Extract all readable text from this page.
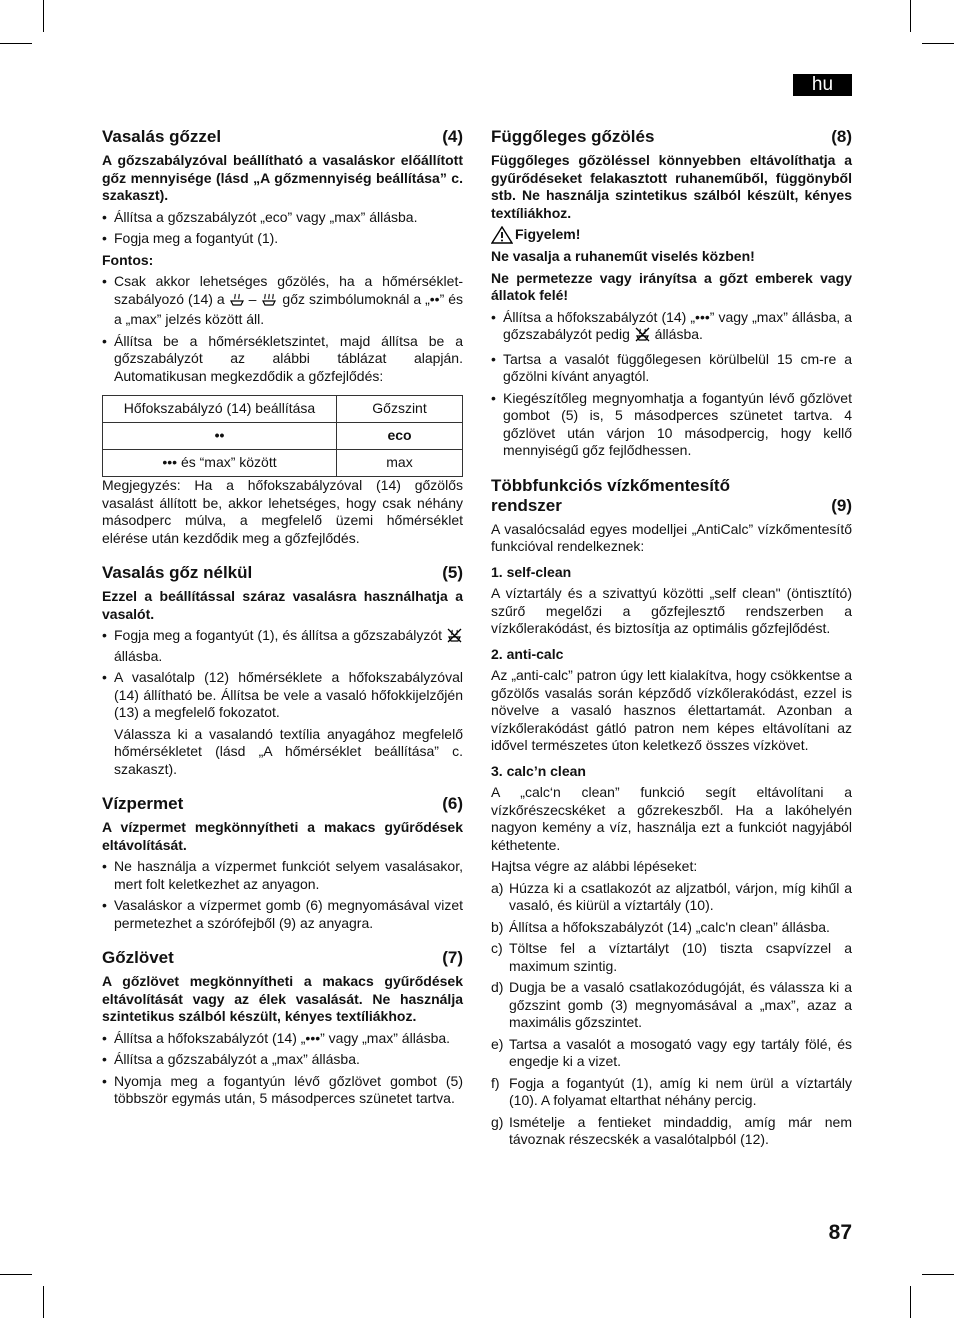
hu
Vasalás gőzzel	(4)

A gőzszabályzóval beállítható a vasaláskor előállított gőz mennyisége (lásd „A gőzmennyiség beállítása” c. szakaszt).

• Állítsa a gőzszabályzót „eco” vagy „max” állásba.
• Fogja meg a fogantyút (1).

Fontos:

• Csak akkor lehetséges gőzölés, ha a hőmérséklet-szabályozó (14) a – gőz szimbólumoknál a „••” és a „max” jelzés között áll.
• Állítsa be a hőmérsékletszintet, majd állítsa be a gőzszabályzót az alábbi táblázat alapján. Automatikusan megkezdődik a gőzfejlődés:
Hőfokszabályzó (14) beállítása	Gőzszint
••	eco
••• és “max” között	max

Megjegyzés: Ha a hőfokszabályzóval (14) gőzölős vasalást állított be, akkor lehetséges, hogy csak néhány másodperc múlva, a megfelelő üzemi hőmérséklet elérése után kezdődik meg a gőzfejlődés.

Vasalás gőz nélkül	(5)

Ezzel a beállítással száraz vasalásra használhatja a vasalót.

• Fogja meg a fogantyút (1), és állítsa a gőzszabályzót  állásba.
• A vasalótalp (12) hőmérséklete a hőfokszabályzóval (14) állítható be. Állítsa be vele a vasaló hőfokkijelzőjén (13) a megfelelő fokozatot.

Válassza ki a vasalandó textília anyagához megfelelő hőmérsékletet (lásd „A hőmérséklet beállítása” c. szakaszt).

Vízpermet	(6)

A vízpermet megkönnyítheti a makacs gyűrődések eltávolítását.

• Ne használja a vízpermet funkciót selyem vasalásakor, mert folt keletkezhet az anyagon.
• Vasaláskor a vízpermet gomb (6) megnyomásával vizet permetezhet a szórófejből (9) az anyagra.
Gőzlövet	(7)

A gőzlövet megkönnyítheti a makacs gyűrődések eltávolítását vagy az élek vasalását. Ne használja szintetikus szálból készült, kényes textíliákhoz.

• Állítsa a hőfokszabályzót (14) „•••” vagy „max” állásba.
• Állítsa a gőzszabályzót a „max” állásba.
• Nyomja meg a fogantyún lévő gőzlövet gombot (5) többször egymás után, 5 másodperces szünetet tartva.
Függőleges gőzölés	(8)

Függőleges gőzöléssel könnyebben eltávolíthatja a gyűrődéseket felakasztott ruhaneműből, függönyből stb. Ne használja szintetikus szálból készült, kényes textíliákhoz.

Figyelem!

Ne vasalja a ruhaneműt viselés közben!

Ne permetezze vagy irányítsa a gőzt emberek vagy állatok felé!

• Állítsa a hőfokszabályzót (14) „•••” vagy „max” állásba, a gőzszabályzót pedig állásba.
• Tartsa a vasalót függőlegesen körülbelül 15 cm-re a gőzölni kívánt anyagtól.
• Kiegészítőleg megnyomhatja a fogantyún lévő gőzlövet gombot (5) is, 5 másodperces szünetet tartva. 4 gőzlövet után várjon 10 másodpercig, hogy kellő mennyiségű gőz fejlődhessen.
Többfunkciós vízkőmentesítő
rendszer	(9)

A vasalócsalád egyes modelljei „AntiCalc” vízkőmentesítő funkcióval rendelkeznek:

1. self-clean

A víztartály és a szivattyú közötti „self clean" (öntisztító) szűrő megelőzi a gőzfejlesztő rendszerben a vízkőlerakódást, és biztosítja az optimális gőzfejlődést.

2. anti-calc

Az „anti-calc” patron úgy lett kialakítva, hogy csökkentse a gőzölős vasalás során képződő vízkőlerakódást, ezzel is növelve a vasaló hasznos élettartamát. Azonban a vízkőlerakódást gátló patron nem képes eltávolítani az idővel természetes úton keletkező összes vízkövet.

3. calc’n clean

A „calc‘n clean” funkció segít eltávolítani a vízkőrészecskéket a gőzrekeszből. Ha a lakóhelyén nagyon kemény a víz, használja ezt a funkciót nagyjából kéthetente.

Hajtsa végre az alábbi lépéseket:

a) Húzza ki a csatlakozót az aljzatból, várjon, míg kihűl a vasaló, és kiürül a víztartály (10).
b) Állítsa a hőfokszabályzót (14) „calc'n clean” állásba.
c) Töltse fel a víztartályt (10) tiszta csapvízzel a maximum szintig.
d) Dugja be a vasaló csatlakozódugóját, és válassza ki a gőzszint gomb (3) megnyomásával a „max”, azaz a maximális gőzszintet.
e) Tartsa a vasalót a mosogató vagy egy tartály fölé, és engedje ki a vizet.
f) Fogja a fogantyút (1), amíg ki nem ürül a víztartály (10). A folyamat eltarthat néhány percig.
g) Ismételje a fentieket mindaddig, amíg már nem távoznak részecskék a vasalótalpból (12).
87
